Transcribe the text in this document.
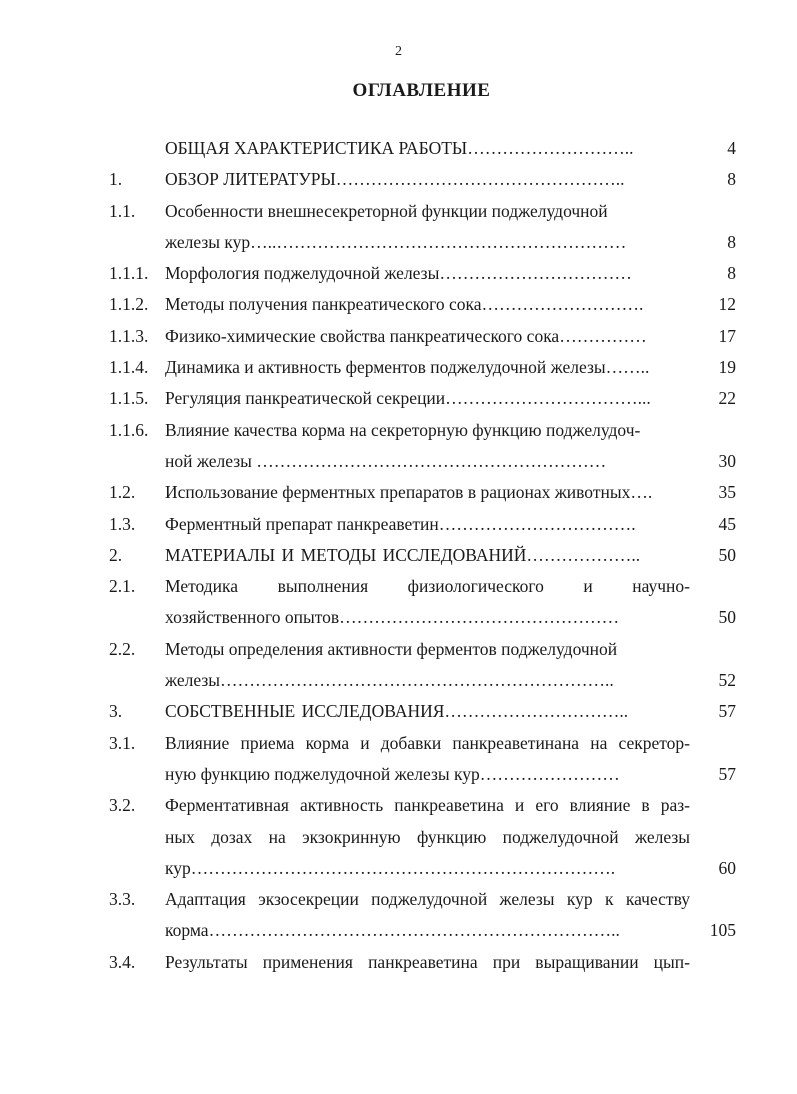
2
ОГЛАВЛЕНИЕ
ОБЩАЯ ХАРАКТЕРИСТИКА РАБОТЫ………………………..	4
1. ОБЗОР ЛИТЕРАТУРЫ…………………………………………..	8
1.1. Особенности внешнесекреторной функции поджелудочной
железы кур…..……………………………………………………	8
1.1.1. Морфология поджелудочной железы……………………………	8
1.1.2. Методы получения панкреатического сока……………………….	12
1.1.3. Физико-химические свойства панкреатического сока……………	17
1.1.4. Динамика и активность ферментов поджелудочной железы……..	19
1.1.5. Регуляция панкреатической секреции……………………………...	22
1.1.6. Влияние качества корма на секреторную функцию поджелудоч-
ной железы ……………………………………………………	30
1.2. Использование ферментных препаратов в рационах животных….	35
1.3. Ферментный препарат панкреаветин…………………………….	45
2. МАТЕРИАЛЫ И МЕТОДЫ ИССЛЕДОВАНИЙ………………..	50
2.1. Методика выполнения физиологического и научно-
хозяйственного опытов…………………………………………	50
2.2. Методы определения активности ферментов поджелудочной
железы…………………………………………………………..	52
3. СОБСТВЕННЫЕ ИССЛЕДОВАНИЯ…………………………..	57
3.1. Влияние приема корма и добавки панкреаветинана на секретор-
ную функцию поджелудочной железы кур……………………	57
3.2. Ферментативная активность панкреаветина и его влияние в раз-
ных дозах на экзокринную функцию поджелудочной железы
кур……………………………………………………………….	60
3.3. Адаптация экзосекреции поджелудочной железы кур к качеству
корма……………………………………………………………..	105
3.4. Результаты применения панкреаветина при выращивании цып-
